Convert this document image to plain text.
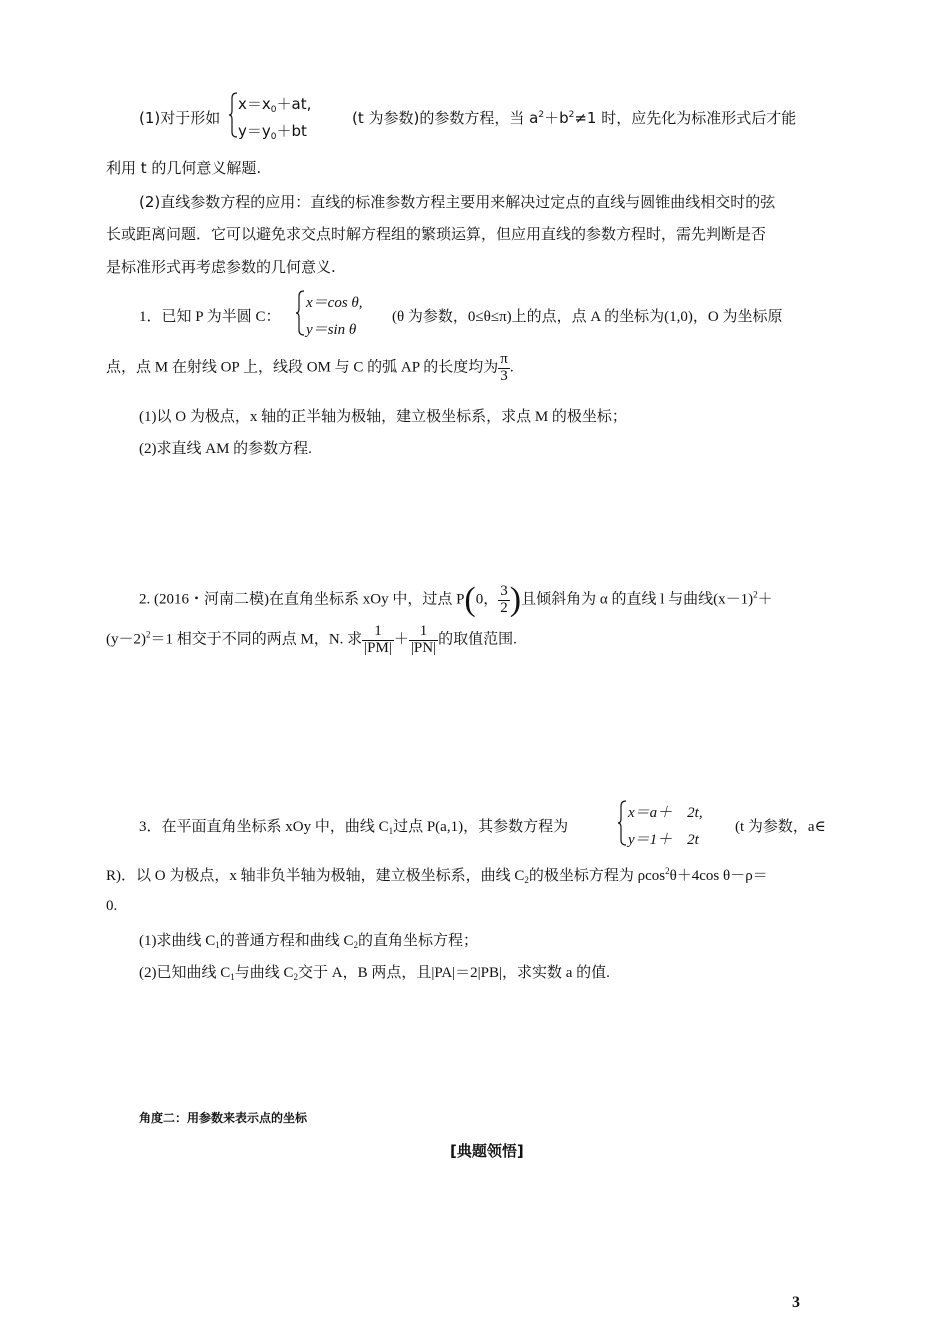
(1)对于形如
$x=x_0+at$,
$y=y_0+bt$
(t 为参数)的参数方程，当 $a^2+b^2\ne 1$ 时，应先化为标准形式后才能
利用 t 的几何意义解题.
(2)直线参数方程的应用：直线的标准参数方程主要用来解决过定点的直线与圆锥曲线相交时的弦
长或距离问题．它可以避免求交点时解方程组的繁琐运算，但应用直线的参数方程时，需先判断是否
是标准形式再考虑参数的几何意义.
1．已知 P 为半圆 C：
x＝cos θ,
y＝sin θ
(θ 为参数，0≤θ≤π)上的点，点 A 的坐标为(1,0)，O 为坐标原
点，点 M 在射线 OP 上，线段 OM 与 C 的弧 AP 的长度均为 $\frac{\pi}{3}$ .
(1)以 O 为极点，x 轴的正半轴为极轴，建立极坐标系，求点 M 的极坐标；
(2)求直线 AM 的参数方程.
2. (2016・河南二模)在直角坐标系 xOy 中，过点 P(0， $\frac{3}{2}$ )且倾斜角为 α 的直线 l 与曲线$(x-1)^2+$
$(y-2)^2=1$ 相交于不同的两点 M，N. 求 $\frac{1}{|PM|} + \frac{1}{|PN|}$ 的取值范围.
3．在平面直角坐标系 xOy 中，曲线 $C_1$过点 P(a,1)，其参数方程为
x＝a＋　2t,
y＝1＋　2t
(t 为参数，a∈
R)．以 O 为极点，x 轴非负半轴为极轴，建立极坐标系，曲线 $C_2$的极坐标方程为 ρcos$^2$θ＋4cos θ－ρ＝
0.
(1)求曲线 $C_1$的普通方程和曲线 $C_2$的直角坐标方程；
(2)已知曲线 $C_1$与曲线 $C_2$交于 A，B 两点，且|PA|＝2|PB|，求实数 a 的值.
角度二：用参数来表示点的坐标
[典题领悟]
3
